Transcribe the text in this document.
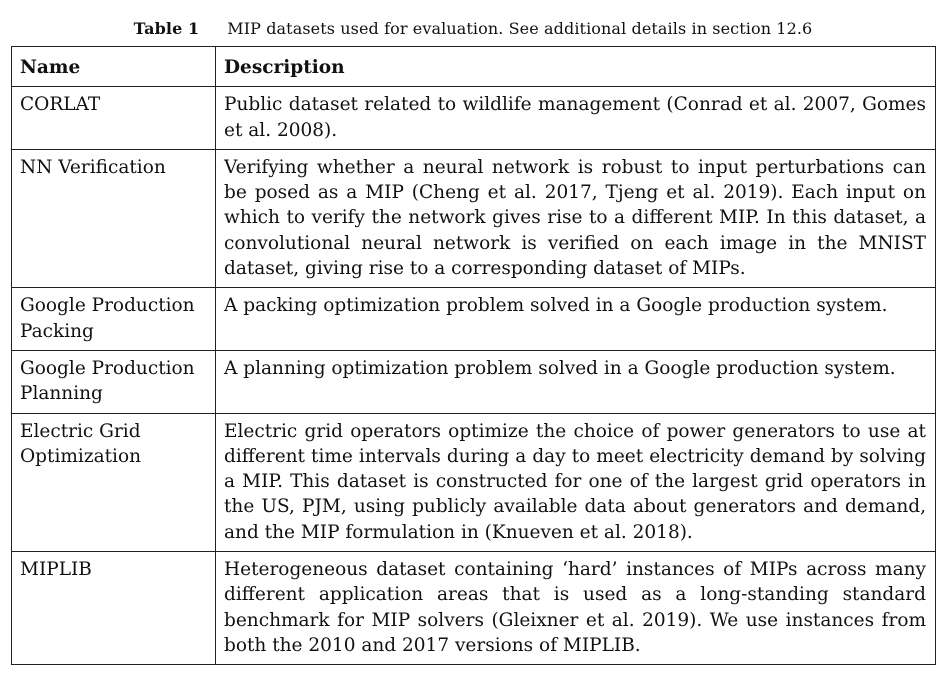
Table 1 MIP datasets used for evaluation. See additional details in section 12.6
Name	Description
CORLAT	Public dataset related to wildlife management (Conrad et al. 2007, Gomes et al. 2008).
NN Verification	Verifying whether a neural network is robust to input perturbations can be posed as a MIP (Cheng et al. 2017, Tjeng et al. 2019). Each input on which to verify the network gives rise to a different MIP. In this dataset, a convolutional neural network is verified on each image in the MNIST dataset, giving rise to a corresponding dataset of MIPs.
Google Production Packing	A packing optimization problem solved in a Google production system.
Google Production Planning	A planning optimization problem solved in a Google production system.
Electric Grid Optimization	Electric grid operators optimize the choice of power generators to use at different time intervals during a day to meet electricity demand by solving a MIP. This dataset is constructed for one of the largest grid operators in the US, PJM, using publicly available data about generators and demand, and the MIP formulation in (Knueven et al. 2018).
MIPLIB	Heterogeneous dataset containing ‘hard’ instances of MIPs across many different application areas that is used as a long-standing standard benchmark for MIP solvers (Gleixner et al. 2019). We use instances from both the 2010 and 2017 versions of MIPLIB.
